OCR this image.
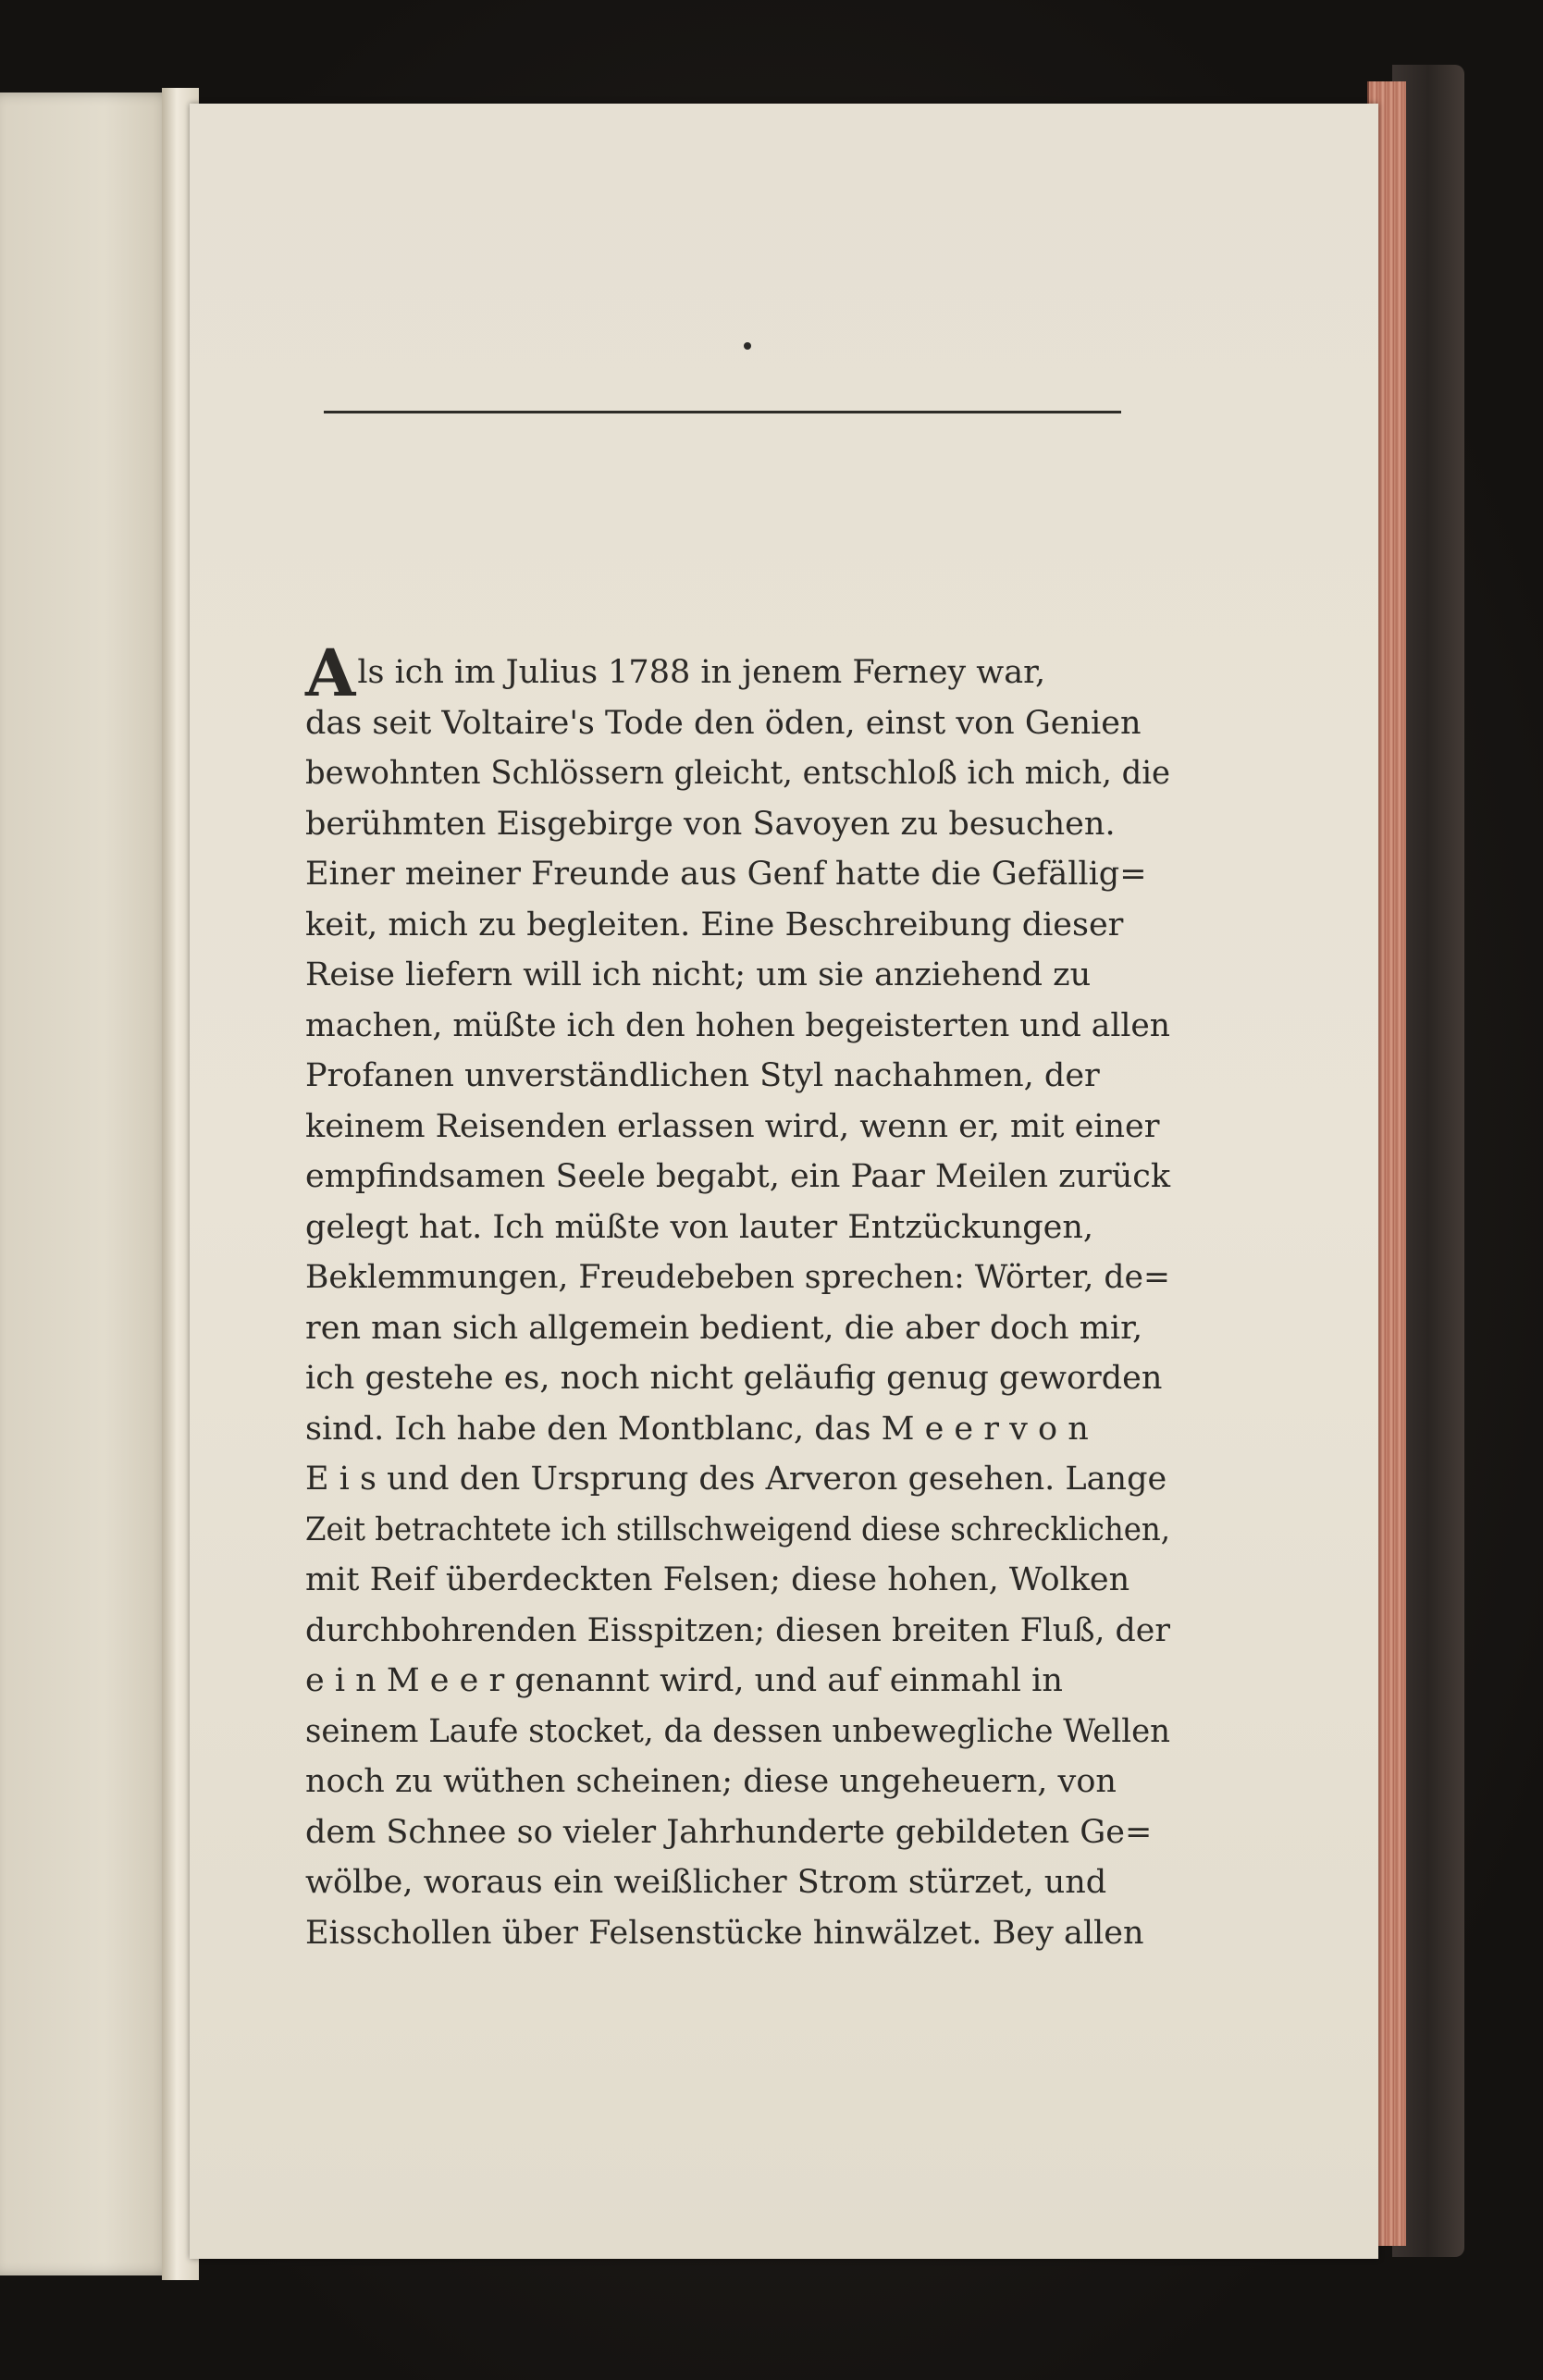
Als ich im Julius 1788 in jenem Ferney war,
das seit Voltaire's Tode den öden, einst von Genien
bewohnten Schlössern gleicht, entschloß ich mich, die
berühmten Eisgebirge von Savoyen zu besuchen.
Einer meiner Freunde aus Genf hatte die Gefällig=
keit, mich zu begleiten. Eine Beschreibung dieser
Reise liefern will ich nicht; um sie anziehend zu
machen, müßte ich den hohen begeisterten und allen
Profanen unverständlichen Styl nachahmen, der
keinem Reisenden erlassen wird, wenn er, mit einer
empfindsamen Seele begabt, ein Paar Meilen zurück
gelegt hat. Ich müßte von lauter Entzückungen,
Beklemmungen, Freudebeben sprechen: Wörter, de=
ren man sich allgemein bedient, die aber doch mir,
ich gestehe es, noch nicht geläufig genug geworden
sind. Ich habe den Montblanc, das M e e r v o n
E i s und den Ursprung des Arveron gesehen. Lange
Zeit betrachtete ich stillschweigend diese schrecklichen,
mit Reif überdeckten Felsen; diese hohen, Wolken
durchbohrenden Eisspitzen; diesen breiten Fluß, der
e i n M e e r genannt wird, und auf einmahl in
seinem Laufe stocket, da dessen unbewegliche Wellen
noch zu wüthen scheinen; diese ungeheuern, von
dem Schnee so vieler Jahrhunderte gebildeten Ge=
wölbe, woraus ein weißlicher Strom stürzet, und
Eisschollen über Felsenstücke hinwälzet. Bey allen
